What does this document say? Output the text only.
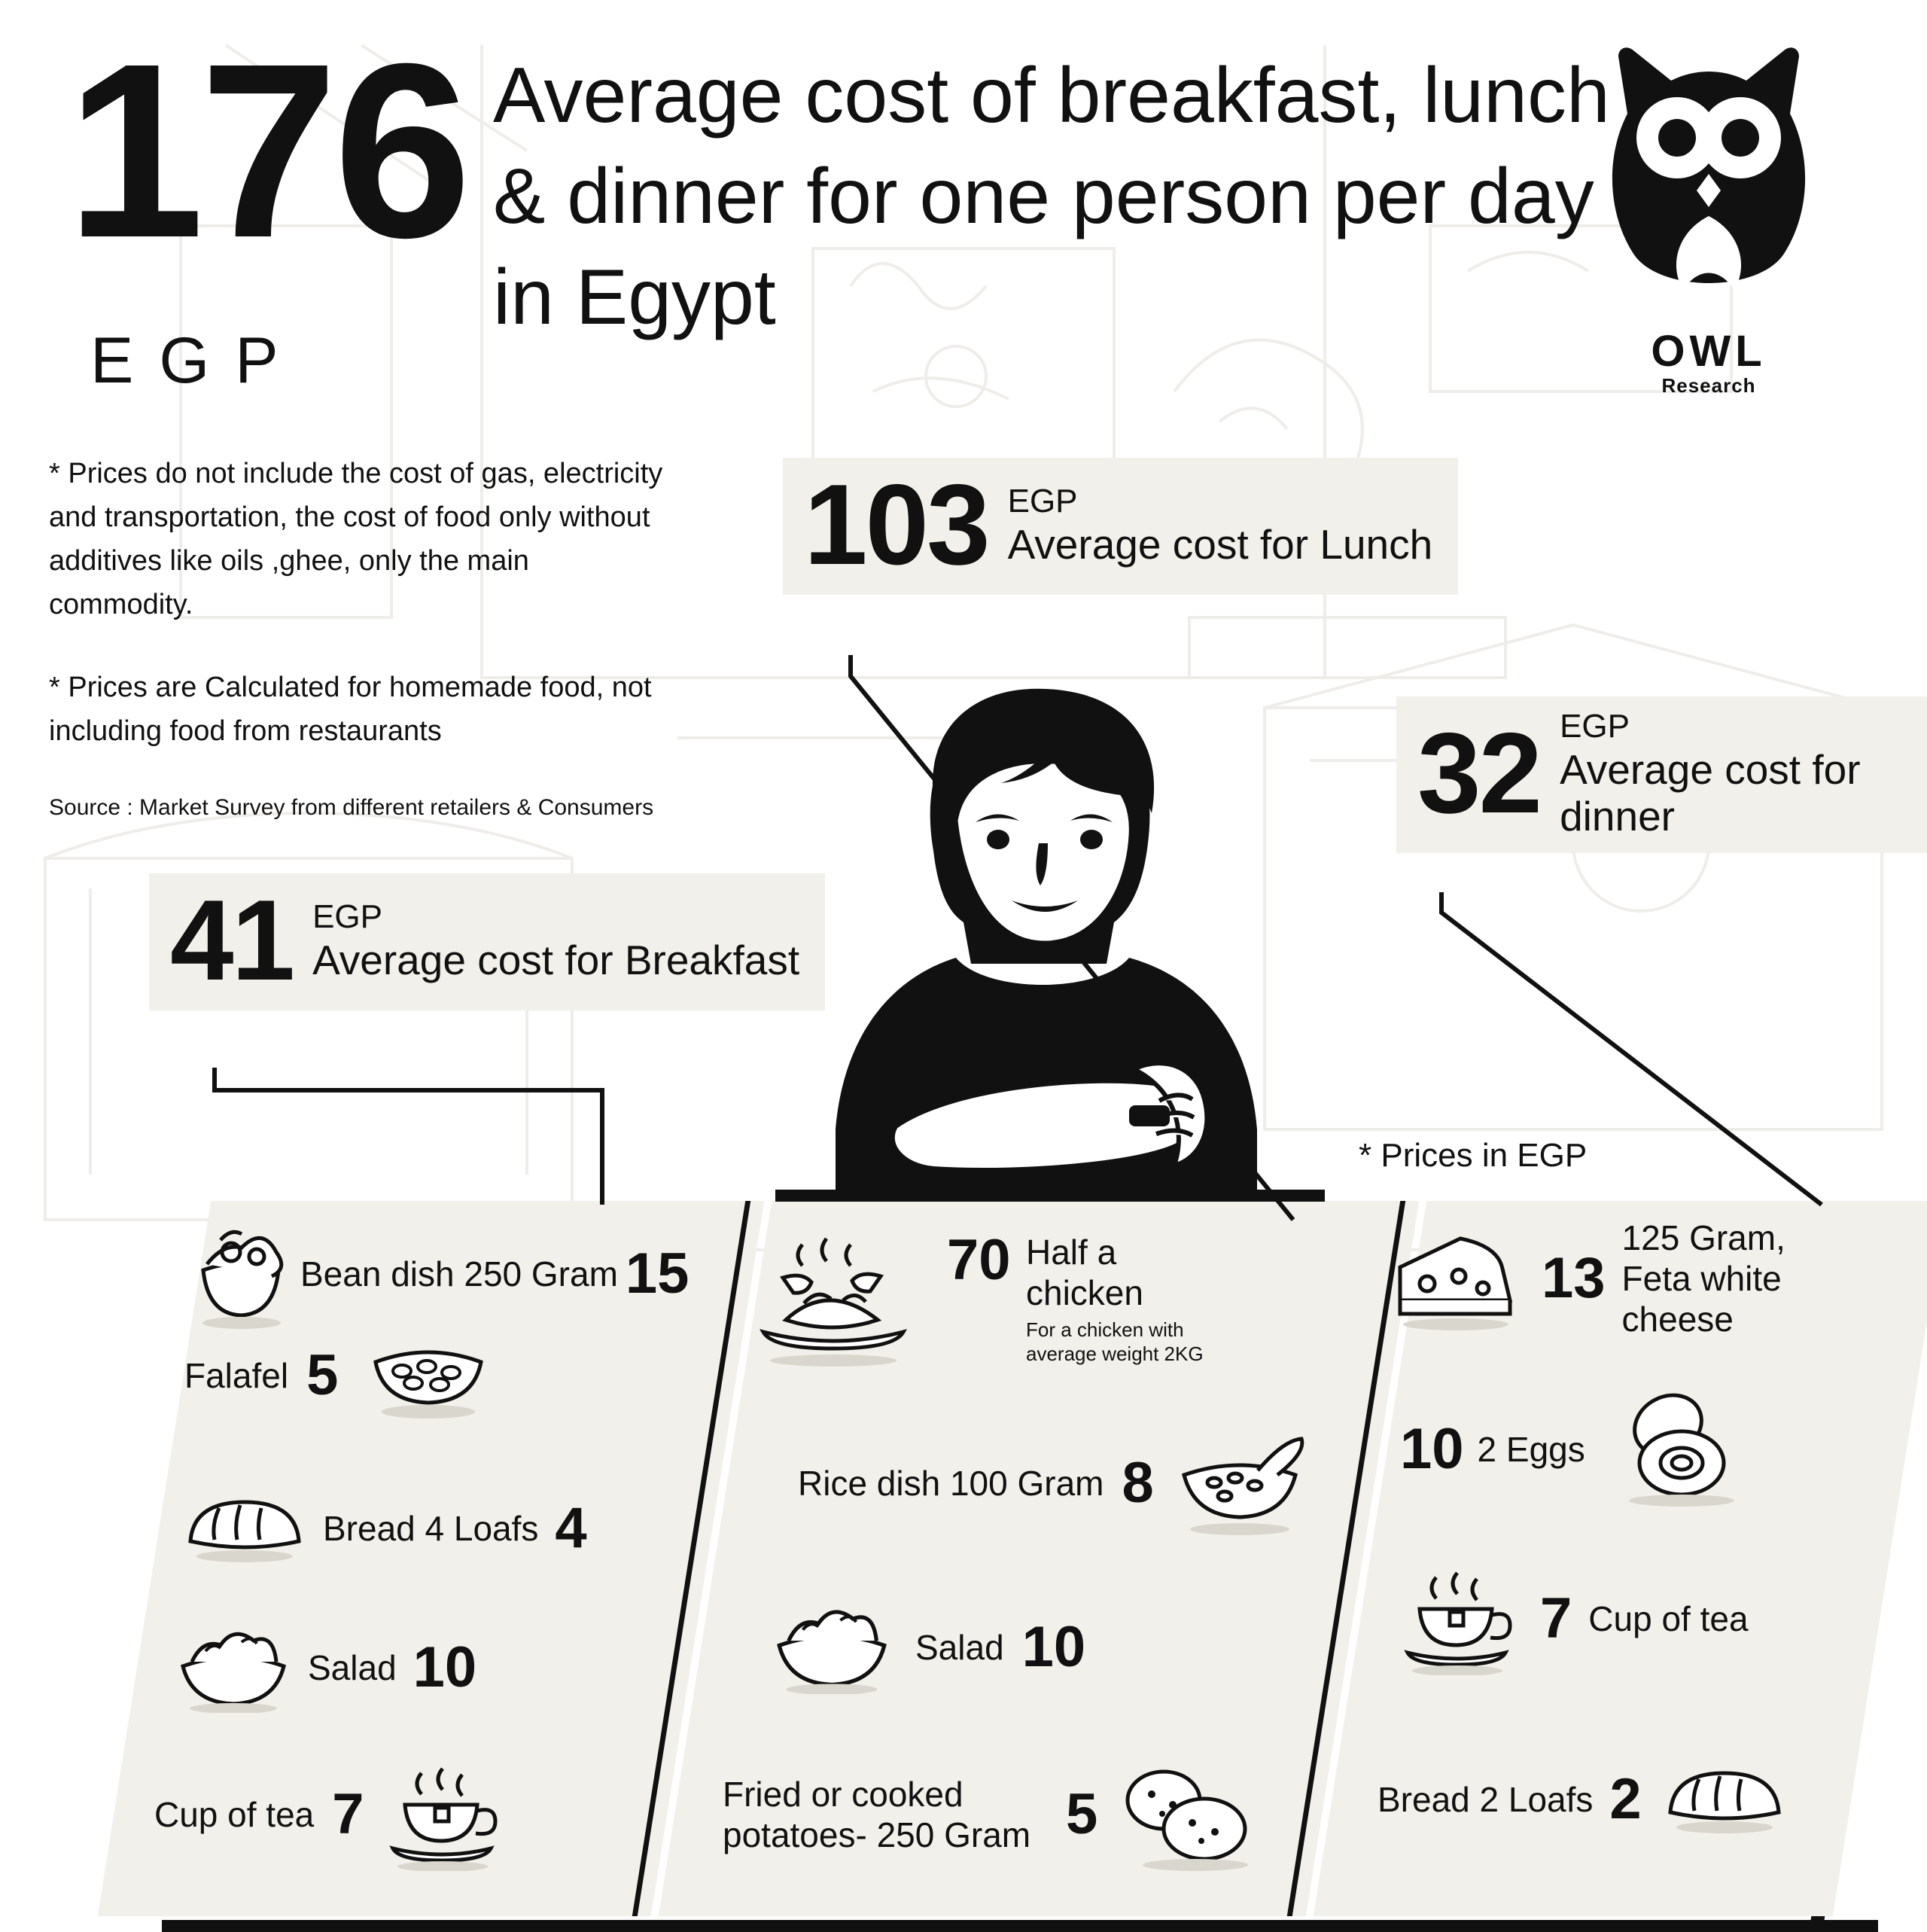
176
EGP
Average cost of breakfast, lunch & dinner for one person per day in Egypt
OWL
Research
* Prices do not include the cost of gas, electricity and transportation, the cost of food only without additives like oils ,ghee, only the main commodity.
* Prices are Calculated for homemade food, not including food from restaurants
Source : Market Survey from different retailers & Consumers
103 EGP
Average cost for Lunch
32 EGP
Average cost for dinner
41 EGP
Average cost for Breakfast
* Prices in EGP
Bean dish 250 Gram 15
Falafel 5
Bread 4 Loafs 4
Salad 10
Cup of tea 7
70 Half a chicken
For a chicken with average weight 2KG
Rice dish 100 Gram 8
Salad 10
Fried or cooked potatoes- 250 Gram 5
13
125 Gram, Feta white cheese
10 2 Eggs
7 Cup of tea
Bread 2 Loafs 2
